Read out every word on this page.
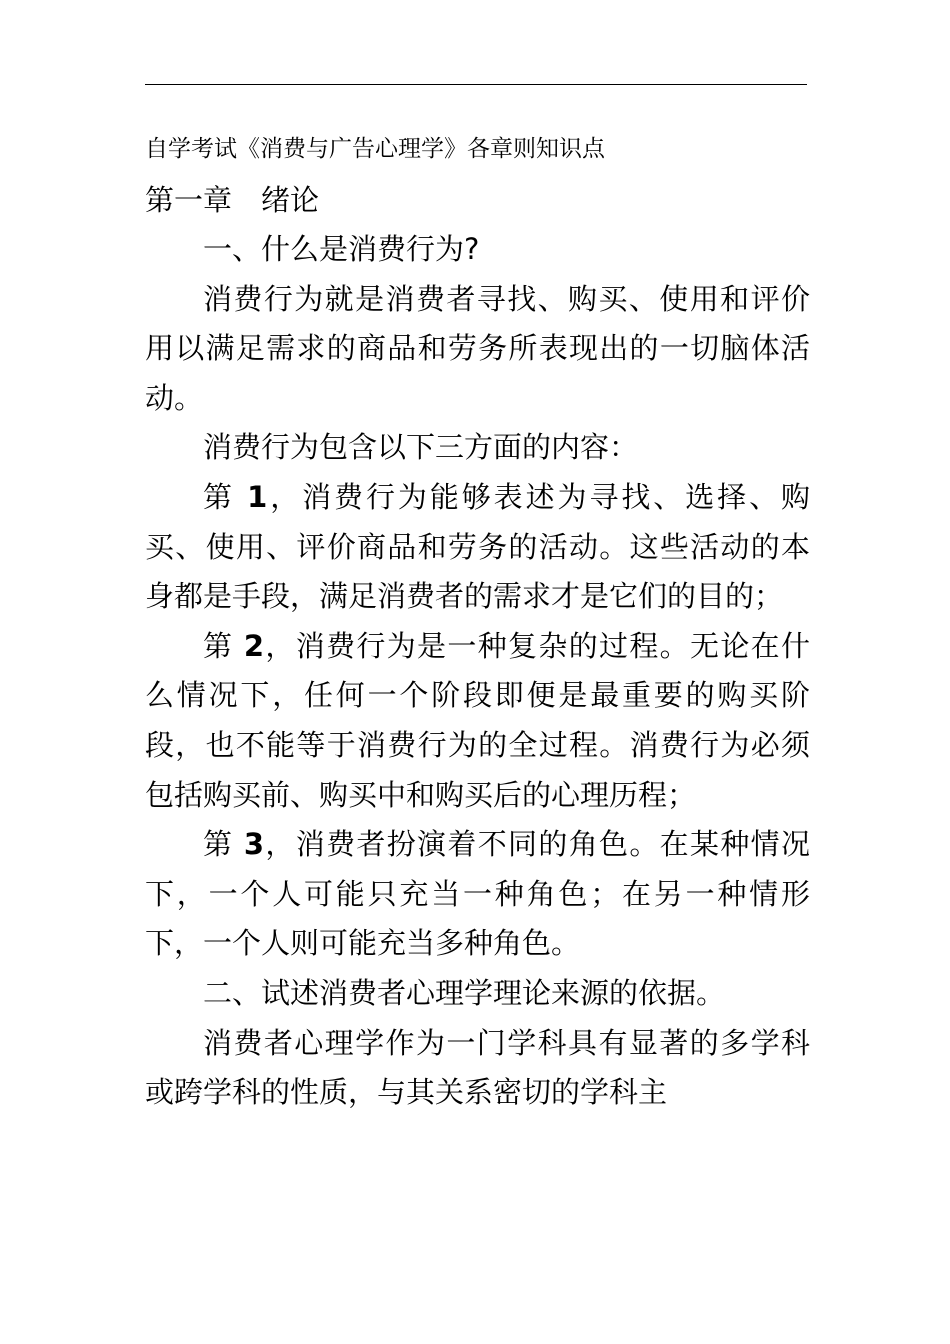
自学考试《消费与广告心理学》各章则知识点
第一章　绪论

一、什么是消费行为?

消费行为就是消费者寻找、购买、使用和评价用以满足需求的商品和劳务所表现出的一切脑体活动。

消费行为包含以下三方面的内容：

第 1，消费行为能够表述为寻找、选择、购买、使用、评价商品和劳务的活动。这些活动的本身都是手段，满足消费者的需求才是它们的目的；

第 2，消费行为是一种复杂的过程。无论在什么情况下，任何一个阶段即便是最重要的购买阶段，也不能等于消费行为的全过程。消费行为必须包括购买前、购买中和购买后的心理历程；

第 3，消费者扮演着不同的角色。在某种情况下，一个人可能只充当一种角色；在另一种情形下，一个人则可能充当多种角色。

二、试述消费者心理学理论来源的依据。

消费者心理学作为一门学科具有显著的多学科或跨学科的性质，与其关系密切的学科主
